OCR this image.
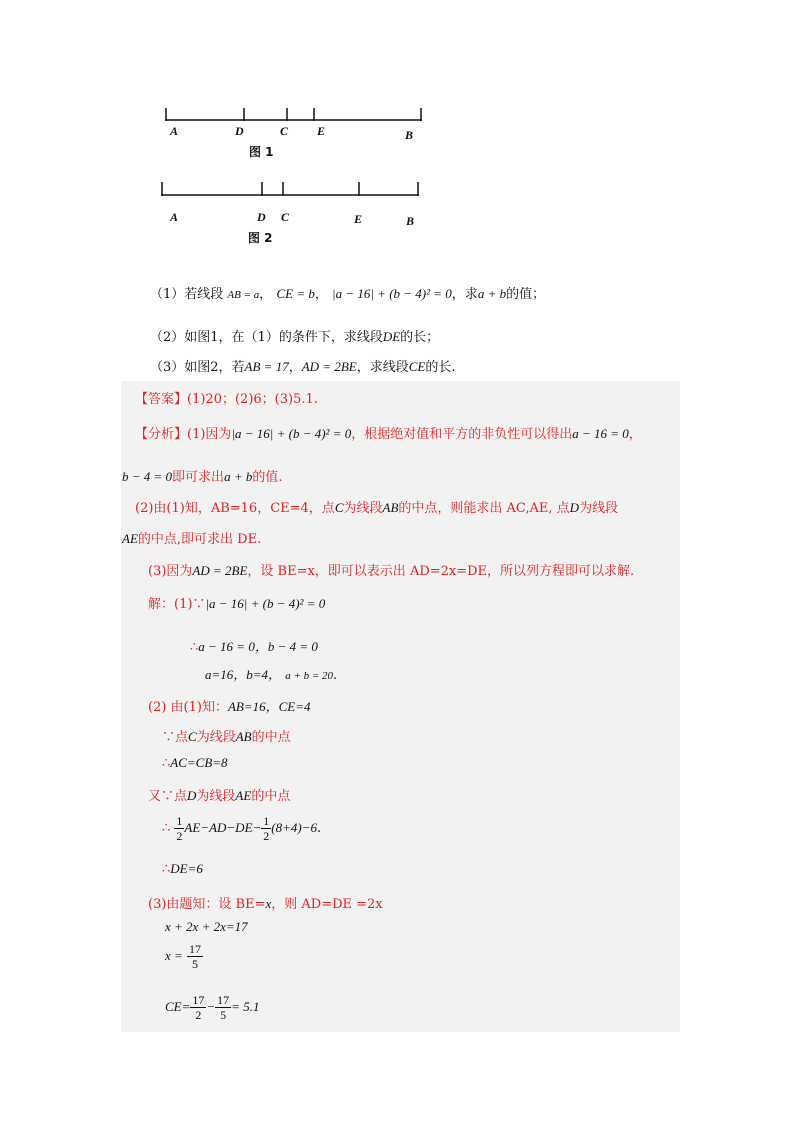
A	D	C E	B
图 1
A	D C	E	B
图 2
（1）若线段 AB = a， CE = b， |a − 16| + (b − 4)² = 0，求a + b的值；
（2）如图1，在（1）的条件下，求线段DE的长；
（3）如图2，若AB = 17，AD = 2BE，求线段CE的长.
【答案】(1)20；(2)6；(3)5.1.
【分析】(1)因为|a − 16| + (b − 4)² = 0，根据绝对值和平方的非负性可以得出a − 16 = 0，
b − 4 = 0即可求出a + b的值.
(2)由(1)知，AB=16，CE=4，点C为线段AB的中点，则能求出 AC,AE, 点D为线段
AE的中点,即可求出 DE.
(3)因为AD = 2BE，设 BE=x，即可以表示出 AD=2x=DE，所以列方程即可以求解.
解：(1)∵|a − 16| + (b − 4)² = 0
∴a − 16 = 0，b − 4 = 0
a=16，b=4， a + b = 20.
(2) 由(1)知：AB=16，CE=4
∵点C为线段AB的中点
∴AC=CB=8
又∵点D为线段AE的中点
∴ $\frac{1}{2} AE-AD-DE- \frac{1}{2} (8+4)-6$.
∴DE=6
(3)由题知：设 BE=x，则 AD=DE =2x
x + 2x + 2x=17
$x = \frac{17}{5}$
$CE= \frac{17}{2} - \frac{17}{5} = 5.1$
